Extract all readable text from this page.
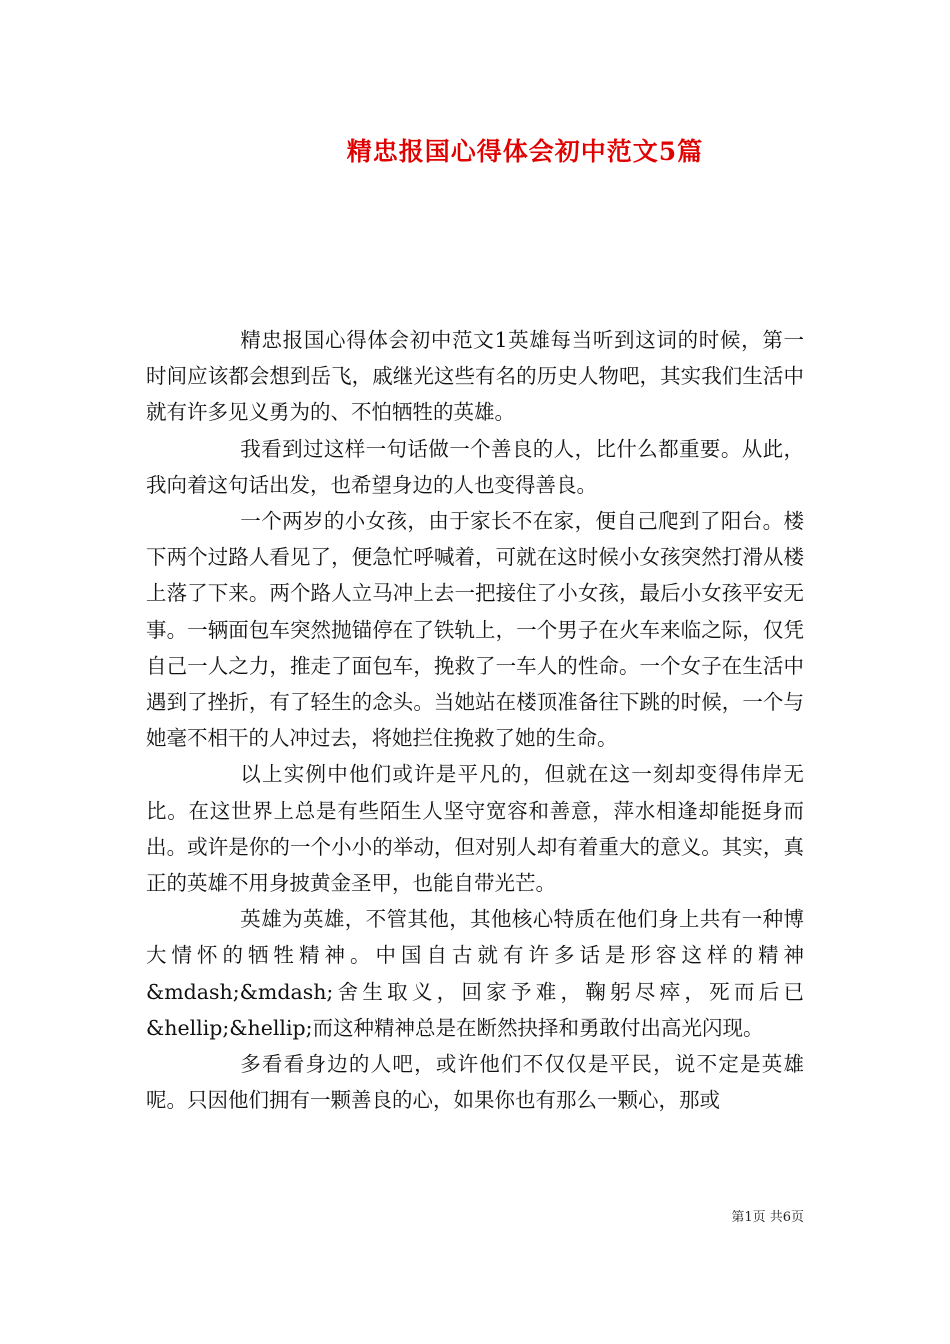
精忠报国心得体会初中范文5篇

精忠报国心得体会初中范文1英雄每当听到这词的时候，第一时间应该都会想到岳飞，戚继光这些有名的历史人物吧，其实我们生活中就有许多见义勇为的、不怕牺牲的英雄。

我看到过这样一句话做一个善良的人，比什么都重要。从此，我向着这句话出发，也希望身边的人也变得善良。

一个两岁的小女孩，由于家长不在家，便自己爬到了阳台。楼下两个过路人看见了，便急忙呼喊着，可就在这时候小女孩突然打滑从楼上落了下来。两个路人立马冲上去一把接住了小女孩，最后小女孩平安无事。一辆面包车突然抛锚停在了铁轨上，一个男子在火车来临之际，仅凭自己一人之力，推走了面包车，挽救了一车人的性命。一个女子在生活中遇到了挫折，有了轻生的念头。当她站在楼顶准备往下跳的时候，一个与她毫不相干的人冲过去，将她拦住挽救了她的生命。

以上实例中他们或许是平凡的，但就在这一刻却变得伟岸无比。在这世界上总是有些陌生人坚守宽容和善意，萍水相逢却能挺身而出。或许是你的一个小小的举动，但对别人却有着重大的意义。其实，真正的英雄不用身披黄金圣甲，也能自带光芒。

英雄为英雄，不管其他，其他核心特质在他们身上共有一种博大情怀的牺牲精神。中国自古就有许多话是形容这样的精神&mdash;&mdash;舍生取义，回家予难，鞠躬尽瘁，死而后已&hellip;&hellip;而这种精神总是在断然抉择和勇敢付出高光闪现。

多看看身边的人吧，或许他们不仅仅是平民，说不定是英雄呢。只因他们拥有一颗善良的心，如果你也有那么一颗心，那或

第1页 共6页
